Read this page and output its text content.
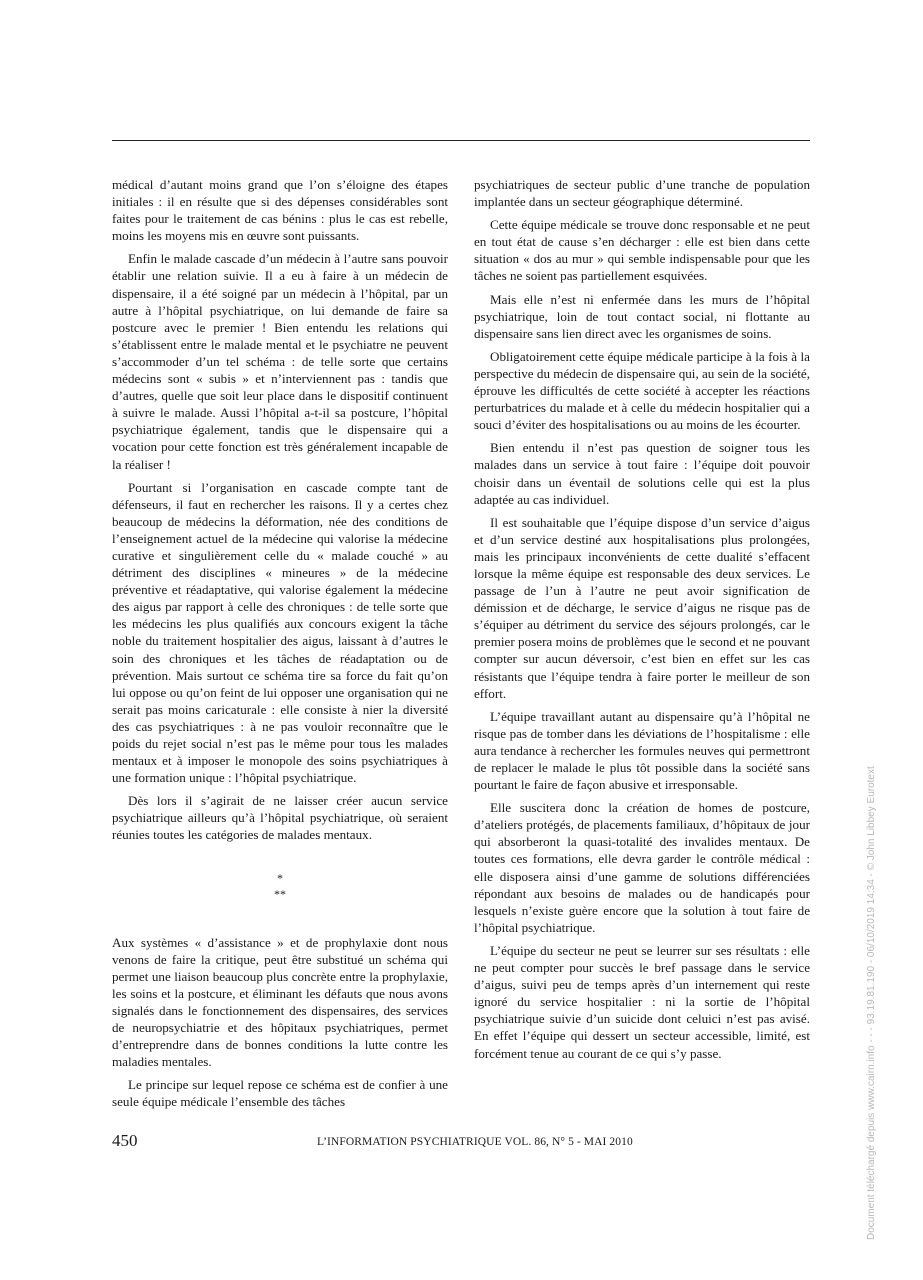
médical d’autant moins grand que l’on s’éloigne des étapes initiales : il en résulte que si des dépenses considérables sont faites pour le traitement de cas bénins : plus le cas est rebelle, moins les moyens mis en œuvre sont puissants.

Enfin le malade cascade d’un médecin à l’autre sans pouvoir établir une relation suivie. Il a eu à faire à un médecin de dispensaire, il a été soigné par un médecin à l’hôpital, par un autre à l’hôpital psychiatrique, on lui demande de faire sa postcure avec le premier ! Bien entendu les relations qui s’établissent entre le malade mental et le psychiatre ne peuvent s’accommoder d’un tel schéma : de telle sorte que certains médecins sont « subis » et n’interviennent pas : tandis que d’autres, quelle que soit leur place dans le dispositif continuent à suivre le malade. Aussi l’hôpital a-t-il sa postcure, l’hôpital psychiatrique également, tandis que le dispensaire qui a vocation pour cette fonction est très généralement incapable de la réaliser !

Pourtant si l’organisation en cascade compte tant de défenseurs, il faut en rechercher les raisons. Il y a certes chez beaucoup de médecins la déformation, née des conditions de l’enseignement actuel de la médecine qui valorise la médecine curative et singulièrement celle du « malade couché » au détriment des disciplines « mineures » de la médecine préventive et réadaptative, qui valorise également la médecine des aigus par rapport à celle des chroniques : de telle sorte que les médecins les plus qualifiés aux concours exigent la tâche noble du traitement hospitalier des aigus, laissant à d’autres le soin des chroniques et les tâches de réadaptation ou de prévention. Mais surtout ce schéma tire sa force du fait qu’on lui oppose ou qu’on feint de lui opposer une organisation qui ne serait pas moins caricaturale : elle consiste à nier la diversité des cas psychiatriques : à ne pas vouloir reconnaître que le poids du rejet social n’est pas le même pour tous les malades mentaux et à imposer le monopole des soins psychiatriques à une formation unique : l’hôpital psychiatrique.

Dès lors il s’agirait de ne laisser créer aucun service psychiatrique ailleurs qu’à l’hôpital psychiatrique, où seraient réunies toutes les catégories de malades mentaux.

*
**

Aux systèmes « d’assistance » et de prophylaxie dont nous venons de faire la critique, peut être substitué un schéma qui permet une liaison beaucoup plus concrète entre la prophylaxie, les soins et la postcure, et éliminant les défauts que nous avons signalés dans le fonctionnement des dispensaires, des services de neuropsychiatrie et des hôpitaux psychiatriques, permet d’entreprendre dans de bonnes conditions la lutte contre les maladies mentales.

Le principe sur lequel repose ce schéma est de confier à une seule équipe médicale l’ensemble des tâches

psychiatriques de secteur public d’une tranche de population implantée dans un secteur géographique déterminé.

Cette équipe médicale se trouve donc responsable et ne peut en tout état de cause s’en décharger : elle est bien dans cette situation « dos au mur » qui semble indispensable pour que les tâches ne soient pas partiellement esquivées.

Mais elle n’est ni enfermée dans les murs de l’hôpital psychiatrique, loin de tout contact social, ni flottante au dispensaire sans lien direct avec les organismes de soins.

Obligatoirement cette équipe médicale participe à la fois à la perspective du médecin de dispensaire qui, au sein de la société, éprouve les difficultés de cette société à accepter les réactions perturbatrices du malade et à celle du médecin hospitalier qui a souci d’éviter des hospitalisations ou au moins de les écourter.

Bien entendu il n’est pas question de soigner tous les malades dans un service à tout faire : l’équipe doit pouvoir choisir dans un éventail de solutions celle qui est la plus adaptée au cas individuel.

Il est souhaitable que l’équipe dispose d’un service d’aigus et d’un service destiné aux hospitalisations plus prolongées, mais les principaux inconvénients de cette dualité s’effacent lorsque la même équipe est responsable des deux services. Le passage de l’un à l’autre ne peut avoir signification de démission et de décharge, le service d’aigus ne risque pas de s’équiper au détriment du service des séjours prolongés, car le premier posera moins de problèmes que le second et ne pouvant compter sur aucun déversoir, c’est bien en effet sur les cas résistants que l’équipe tendra à faire porter le meilleur de son effort.

L’équipe travaillant autant au dispensaire qu’à l’hôpital ne risque pas de tomber dans les déviations de l’hospitalisme : elle aura tendance à rechercher les formules neuves qui permettront de replacer le malade le plus tôt possible dans la société sans pourtant le faire de façon abusive et irresponsable.

Elle suscitera donc la création de homes de postcure, d’ateliers protégés, de placements familiaux, d’hôpitaux de jour qui absorberont la quasi-totalité des invalides mentaux. De toutes ces formations, elle devra garder le contrôle médical : elle disposera ainsi d’une gamme de solutions différenciées répondant aux besoins de malades ou de handicapés pour lesquels n’existe guère encore que la solution à tout faire de l’hôpital psychiatrique.

L’équipe du secteur ne peut se leurrer sur ses résultats : elle ne peut compter pour succès le bref passage dans le service d’aigus, suivi peu de temps après d’un internement qui reste ignoré du service hospitalier : ni la sortie de l’hôpital psychiatrique suivie d’un suicide dont celuici n’est pas avisé. En effet l’équipe qui dessert un secteur accessible, limité, est forcément tenue au courant de ce qui s’y passe.

450	L’INFORMATION PSYCHIATRIQUE VOL. 86, N° 5 - MAI 2010	Document téléchargé depuis www.cairn.info - - - 93.19.81.190 - 06/10/2019 14:34 - © John Libbey Eurotext
